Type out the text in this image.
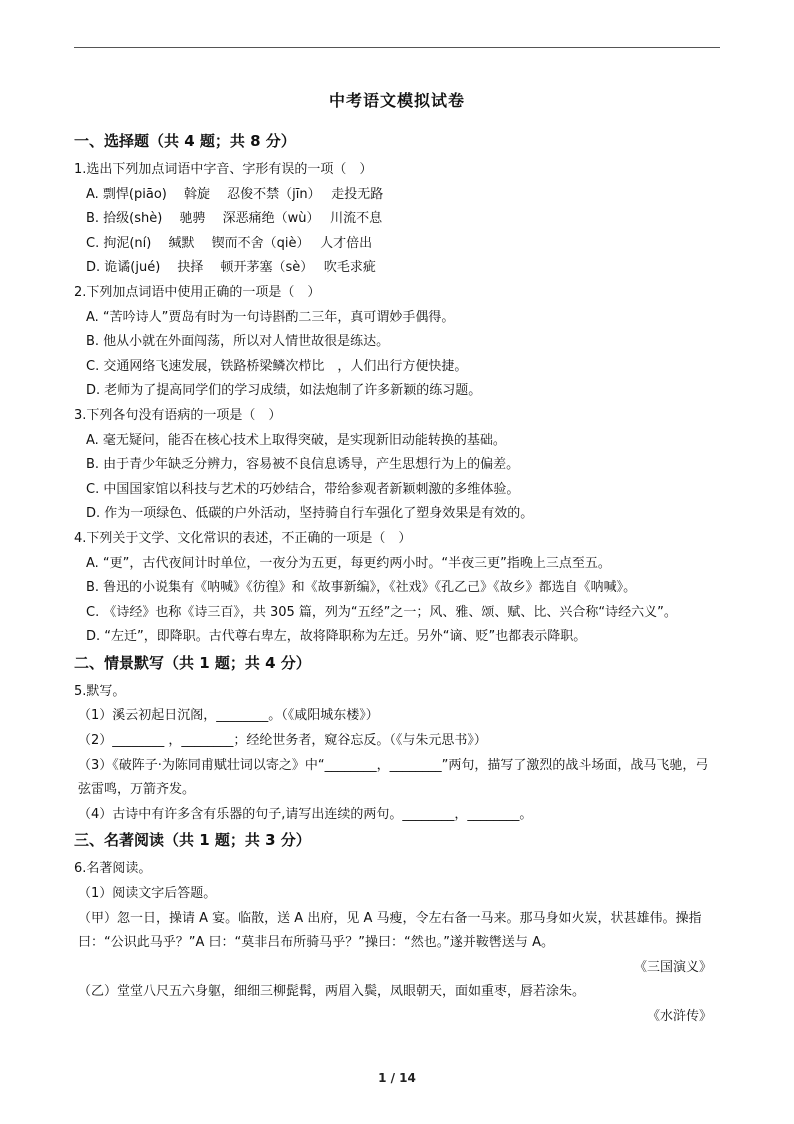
中考语文模拟试卷
一、选择题（共 4 题；共 8 分）
1.选出下列加点词语中字音、字形有误的一项（　）
A. 剽悍(piāo)　 斡旋　 忍俊不禁（jīn）　 走投无路
B. 拾级(shè)　 驰骋　 深恶痛绝（wù）　 川流不息
C. 拘泥(ní)　 缄默　 锲而不舍（qiè）　 人才倍出
D. 诡谲(jué)　 抉择　 顿开茅塞（sè）　 吹毛求疵
2.下列加点词语中使用正确的一项是（　）
A. “苦吟诗人”贾岛有时为一句诗斟酌二三年，真可谓妙手偶得。
B. 他从小就在外面闯荡，所以对人情世故很是练达。
C. 交通网络飞速发展，铁路桥梁鳞次栉比　，人们出行方便快捷。
D. 老师为了提高同学们的学习成绩，如法炮制了许多新颖的练习题。
3.下列各句没有语病的一项是（　）
A. 毫无疑问，能否在核心技术上取得突破，是实现新旧动能转换的基础。
B. 由于青少年缺乏分辨力，容易被不良信息诱导，产生思想行为上的偏差。
C. 中国国家馆以科技与艺术的巧妙结合，带给参观者新颖刺激的多维体验。
D. 作为一项绿色、低碳的户外活动，坚持骑自行车强化了塑身效果是有效的。
4.下列关于文学、文化常识的表述，不正确的一项是（　）
A. “更”，古代夜间计时单位，一夜分为五更，每更约两小时。“半夜三更”指晚上三点至五。
B. 鲁迅的小说集有《呐喊》《彷徨》和《故事新编》，《社戏》《孔乙己》《故乡》都选自《呐喊》。
C. 《诗经》也称《诗三百》，共 305 篇，列为“五经”之一；风、雅、颂、赋、比、兴合称“诗经六义”。
D. “左迁”，即降职。古代尊右卑左，故将降职称为左迁。另外“谪、贬”也都表示降职。
二、情景默写（共 1 题；共 4 分）
5.默写。
（1）溪云初起日沉阁，________。（《咸阳城东楼》）
（2）________ ，________；经纶世务者，窥谷忘反。（《与朱元思书》）
（3）《破阵子·为陈同甫赋壮词以寄之》中“________，________”两句，描写了激烈的战斗场面，战马飞驰，弓弦雷鸣，万箭齐发。
（4）古诗中有许多含有乐器的句子,请写出连续的两句。________，________。
三、名著阅读（共 1 题；共 3 分）
6.名著阅读。
（1）阅读文字后答题。
（甲）忽一日，操请 A 宴。临散，送 A 出府，见 A 马瘦，令左右备一马来。那马身如火炭，状甚雄伟。操指曰：“公识此马乎？”A 曰：“莫非吕布所骑马乎？”操曰：“然也。”遂并鞍辔送与 A。
《三国演义》
（乙）堂堂八尺五六身躯，细细三柳髭髯，两眉入鬓，凤眼朝天，面如重枣，唇若涂朱。
《水浒传》
1 / 14
